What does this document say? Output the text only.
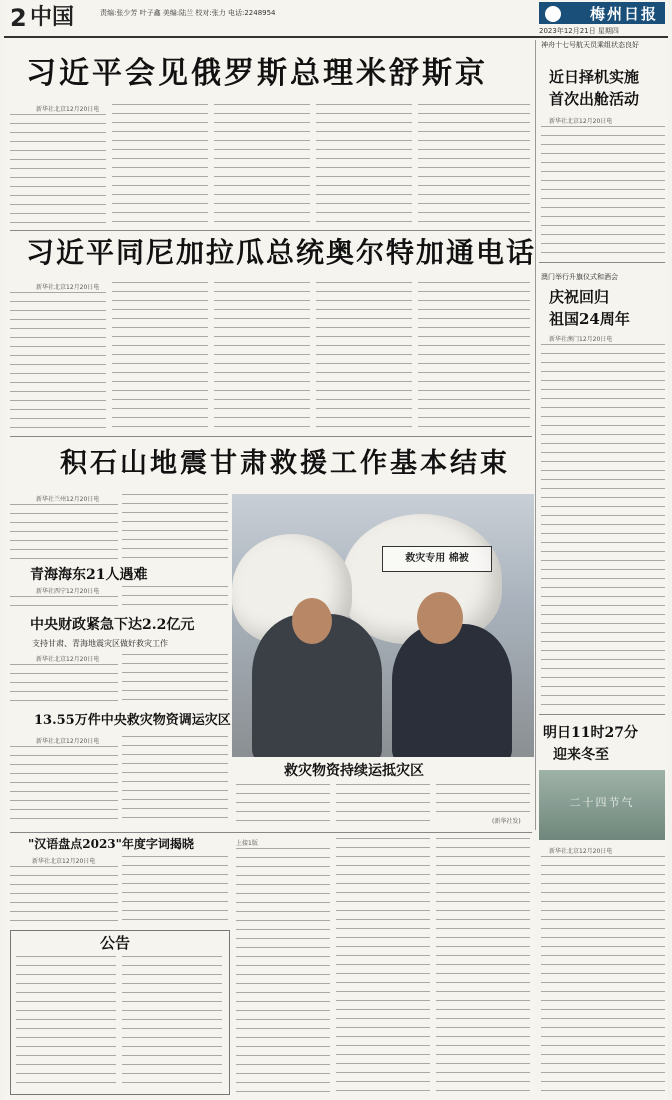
2 中国	责编:张少芳 叶子鑫 美编:陆兰 校对:张力 电话:2248954	梅州日报
2023年12月21日 星期四
习近平会见俄罗斯总理米舒斯京
新华社北京12月20日电
习近平同尼加拉瓜总统奥尔特加通电话
新华社北京12月20日电
积石山地震甘肃救援工作基本结束
新华社兰州12月20日电
青海海东21人遇难
新华社西宁12月20日电
中央财政紧急下达2.2亿元
支持甘肃、青海地震灾区做好救灾工作
新华社北京12月20日电
13.55万件中央救灾物资调运灾区
新华社北京12月20日电
救灾专用 棉被
救灾物资持续运抵灾区
(新华社发)
"汉语盘点2023"年度字词揭晓
新华社北京12月20日电
公告
上接1版
神舟十七号航天员乘组状态良好
近日择机实施
首次出舱活动
新华社北京12月20日电
澳门举行升旗仪式和酒会
庆祝回归
祖国24周年
新华社澳门12月20日电
明日11时27分
迎来冬至
二十四节气
新华社北京12月20日电
